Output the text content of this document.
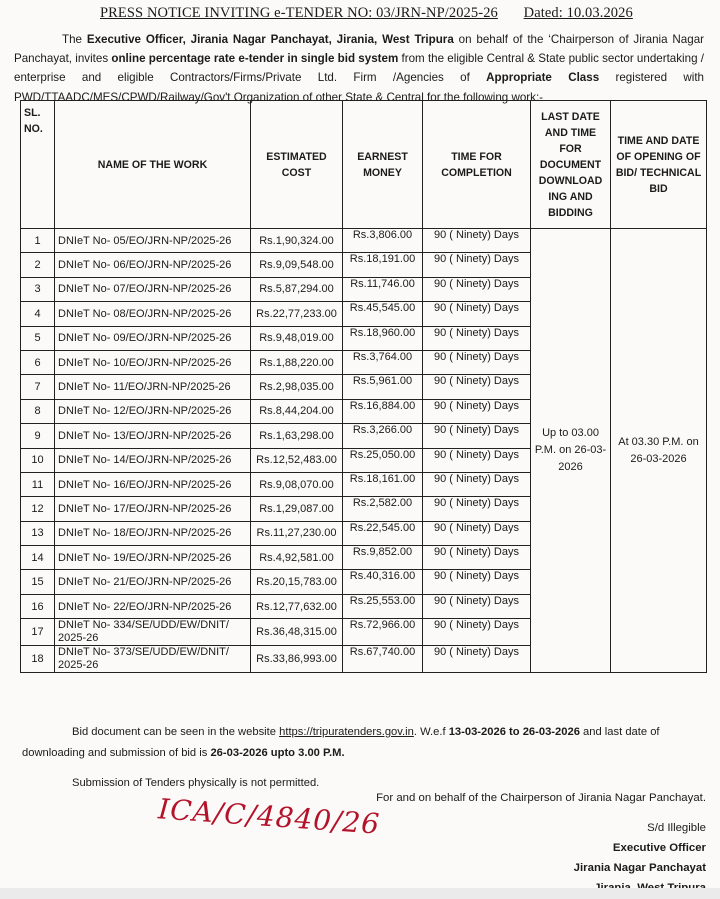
PRESS NOTICE INVITING e-TENDER NO: 03/JRN-NP/2025-26 Dated: 10.03.2026

The Executive Officer, Jirania Nagar Panchayat, Jirania, West Tripura on behalf of the ‘Chairperson of Jirania Nagar Panchayat, invites online percentage rate e-tender in single bid system from the eligible Central & State public sector undertaking / enterprise and eligible Contractors/Firms/Private Ltd. Firm /Agencies of Appropriate Class registered with PWD/TTAADC/MES/CPWD/Railway/Gov't Organization of other State & Central for the following work:-

SL. NO.	NAME OF THE WORK	ESTIMATED COST	EARNEST MONEY	TIME FOR COMPLETION	LAST DATE AND TIME FOR DOCUMENT DOWNLOAD ING AND BIDDING	TIME AND DATE OF OPENING OF BID/ TECHNICAL BID
1	DNIeT No- 05/EO/JRN-NP/2025-26	Rs.1,90,324.00	Rs.3,806.00	90 ( Ninety) Days	Up to 03.00 P.M. on 26-03-2026	At 03.30 P.M. on 26-03-2026
2	DNIeT No- 06/EO/JRN-NP/2025-26	Rs.9,09,548.00	Rs.18,191.00	90 ( Ninety) Days		
3	DNIeT No- 07/EO/JRN-NP/2025-26	Rs.5,87,294.00	Rs.11,746.00	90 ( Ninety) Days		
4	DNIeT No- 08/EO/JRN-NP/2025-26	Rs.22,77,233.00	Rs.45,545.00	90 ( Ninety) Days		
5	DNIeT No- 09/EO/JRN-NP/2025-26	Rs.9,48,019.00	Rs.18,960.00	90 ( Ninety) Days		
6	DNIeT No- 10/EO/JRN-NP/2025-26	Rs.1,88,220.00	Rs.3,764.00	90 ( Ninety) Days		
7	DNIeT No- 11/EO/JRN-NP/2025-26	Rs.2,98,035.00	Rs.5,961.00	90 ( Ninety) Days		
8	DNIeT No- 12/EO/JRN-NP/2025-26	Rs.8,44,204.00	Rs.16,884.00	90 ( Ninety) Days		
9	DNIeT No- 13/EO/JRN-NP/2025-26	Rs.1,63,298.00	Rs.3,266.00	90 ( Ninety) Days		
10	DNIeT No- 14/EO/JRN-NP/2025-26	Rs.12,52,483.00	Rs.25,050.00	90 ( Ninety) Days		
11	DNIeT No- 16/EO/JRN-NP/2025-26	Rs.9,08,070.00	Rs.18,161.00	90 ( Ninety) Days		
12	DNIeT No- 17/EO/JRN-NP/2025-26	Rs.1,29,087.00	Rs.2,582.00	90 ( Ninety) Days		
13	DNIeT No- 18/EO/JRN-NP/2025-26	Rs.11,27,230.00	Rs.22,545.00	90 ( Ninety) Days		
14	DNIeT No- 19/EO/JRN-NP/2025-26	Rs.4,92,581.00	Rs.9,852.00	90 ( Ninety) Days		
15	DNIeT No- 21/EO/JRN-NP/2025-26	Rs.20,15,783.00	Rs.40,316.00	90 ( Ninety) Days		
16	DNIeT No- 22/EO/JRN-NP/2025-26	Rs.12,77,632.00	Rs.25,553.00	90 ( Ninety) Days		
17	DNIeT No- 334/SE/UDD/EW/DNIT/ 2025-26	Rs.36,48,315.00	Rs.72,966.00	90 ( Ninety) Days		
18	DNIeT No- 373/SE/UDD/EW/DNIT/ 2025-26	Rs.33,86,993.00	Rs.67,740.00	90 ( Ninety) Days		
Bid document can be seen in the website https://tripuratenders.gov.in. W.e.f 13-03-2026 to 26-03-2026 and last date of downloading and submission of bid is 26-03-2026 upto 3.00 P.M.
Submission of Tenders physically is not permitted.
ICA/C/4840/26
For and on behalf of the Chairperson of Jirania Nagar Panchayat.
S/d Illegible
Executive Officer
Jirania Nagar Panchayat
